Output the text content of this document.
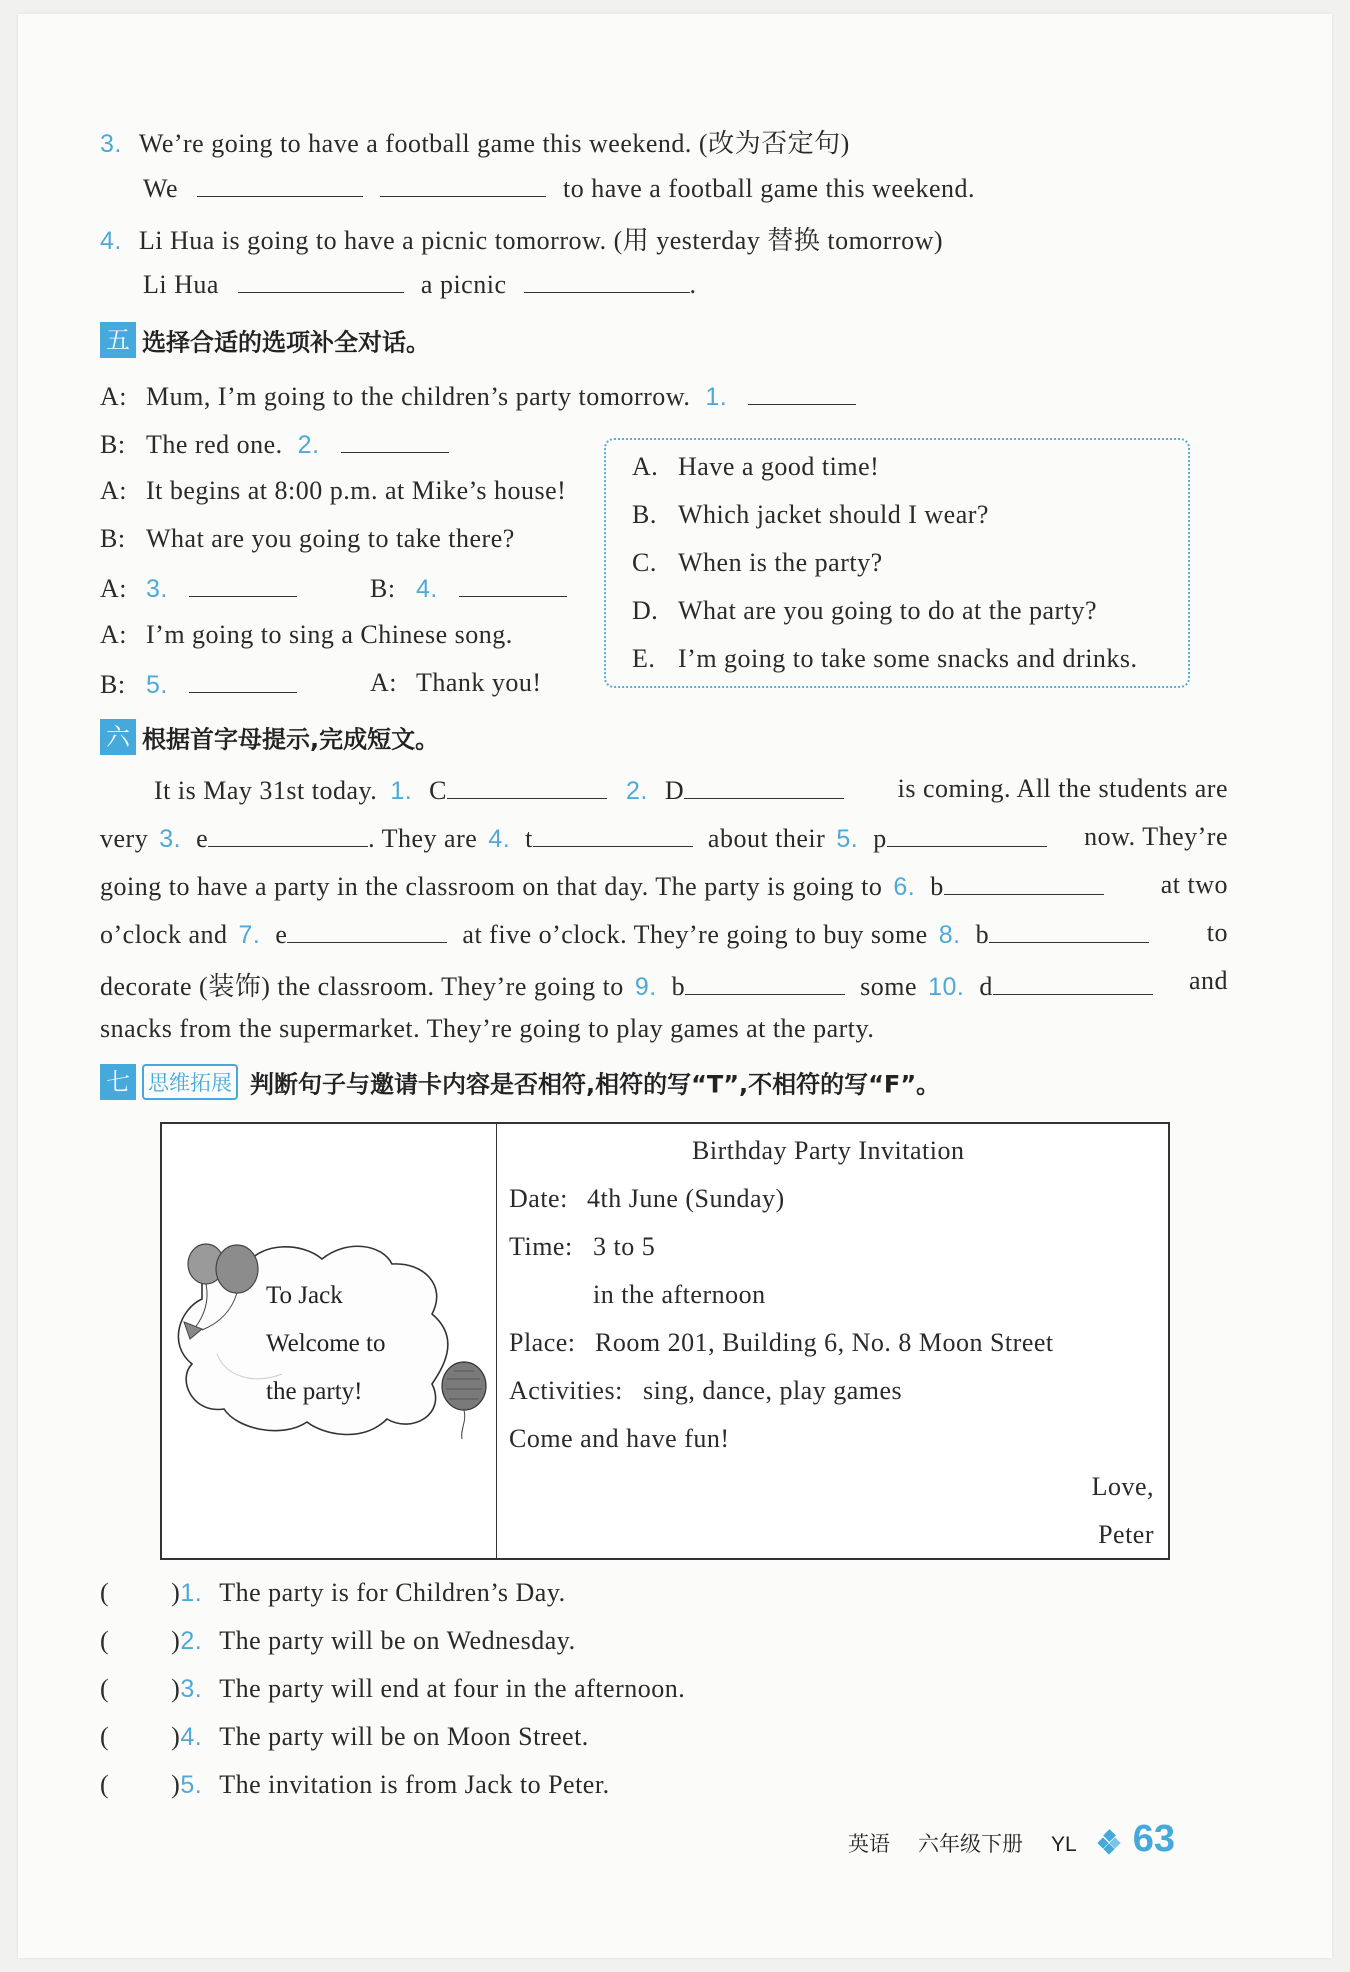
3. We’re going to have a football game this weekend. (改为否定句)
We	to have a football game this weekend.
4. Li Hua is going to have a picnic tomorrow. (用 yesterday 替换 tomorrow)
Li Hua	a picnic	.
五 选择合适的选项补全对话。
A: Mum, I’m going to the children’s party tomorrow. 1.
B: The red one. 2.
A: It begins at 8:00 p.m. at Mike’s house!
B: What are you going to take there?
A: 3.	B: 4.
A: I’m going to sing a Chinese song.
B: 5.	A: Thank you!
A. Have a good time!
B. Which jacket should I wear?
C. When is the party?
D. What are you going to do at the party?
E. I’m going to take some snacks and drinks.
六 根据首字母提示,完成短文。
It is May 31st today. 1. C	2. D	is coming. All the students are
very 3. e	. They are 4. t	about their 5. p	now. They’re
going to have a party in the classroom on that day. The party is going to 6. b	at two
o’clock and 7. e	at five o’clock. They’re going to buy some 8. b	to
decorate (装饰) the classroom. They’re going to 9. b	some 10. d	and
snacks from the supermarket. They’re going to play games at the party.
七 思维拓展 判断句子与邀请卡内容是否相符,相符的写“T”,不相符的写“F”。
To Jack
Welcome to
the party!
Birthday Party Invitation
Date: 4th June (Sunday)
Time: 3 to 5
in the afternoon
Place: Room 201, Building 6, No. 8 Moon Street
Activities: sing, dance, play games
Come and have fun!
Love,
Peter
( )1. The party is for Children’s Day.
( )2. The party will be on Wednesday.
( )3. The party will end at four in the afternoon.
( )4. The party will be on Moon Street.
( )5. The invitation is from Jack to Peter.
英语 六年级下册 YL 63
